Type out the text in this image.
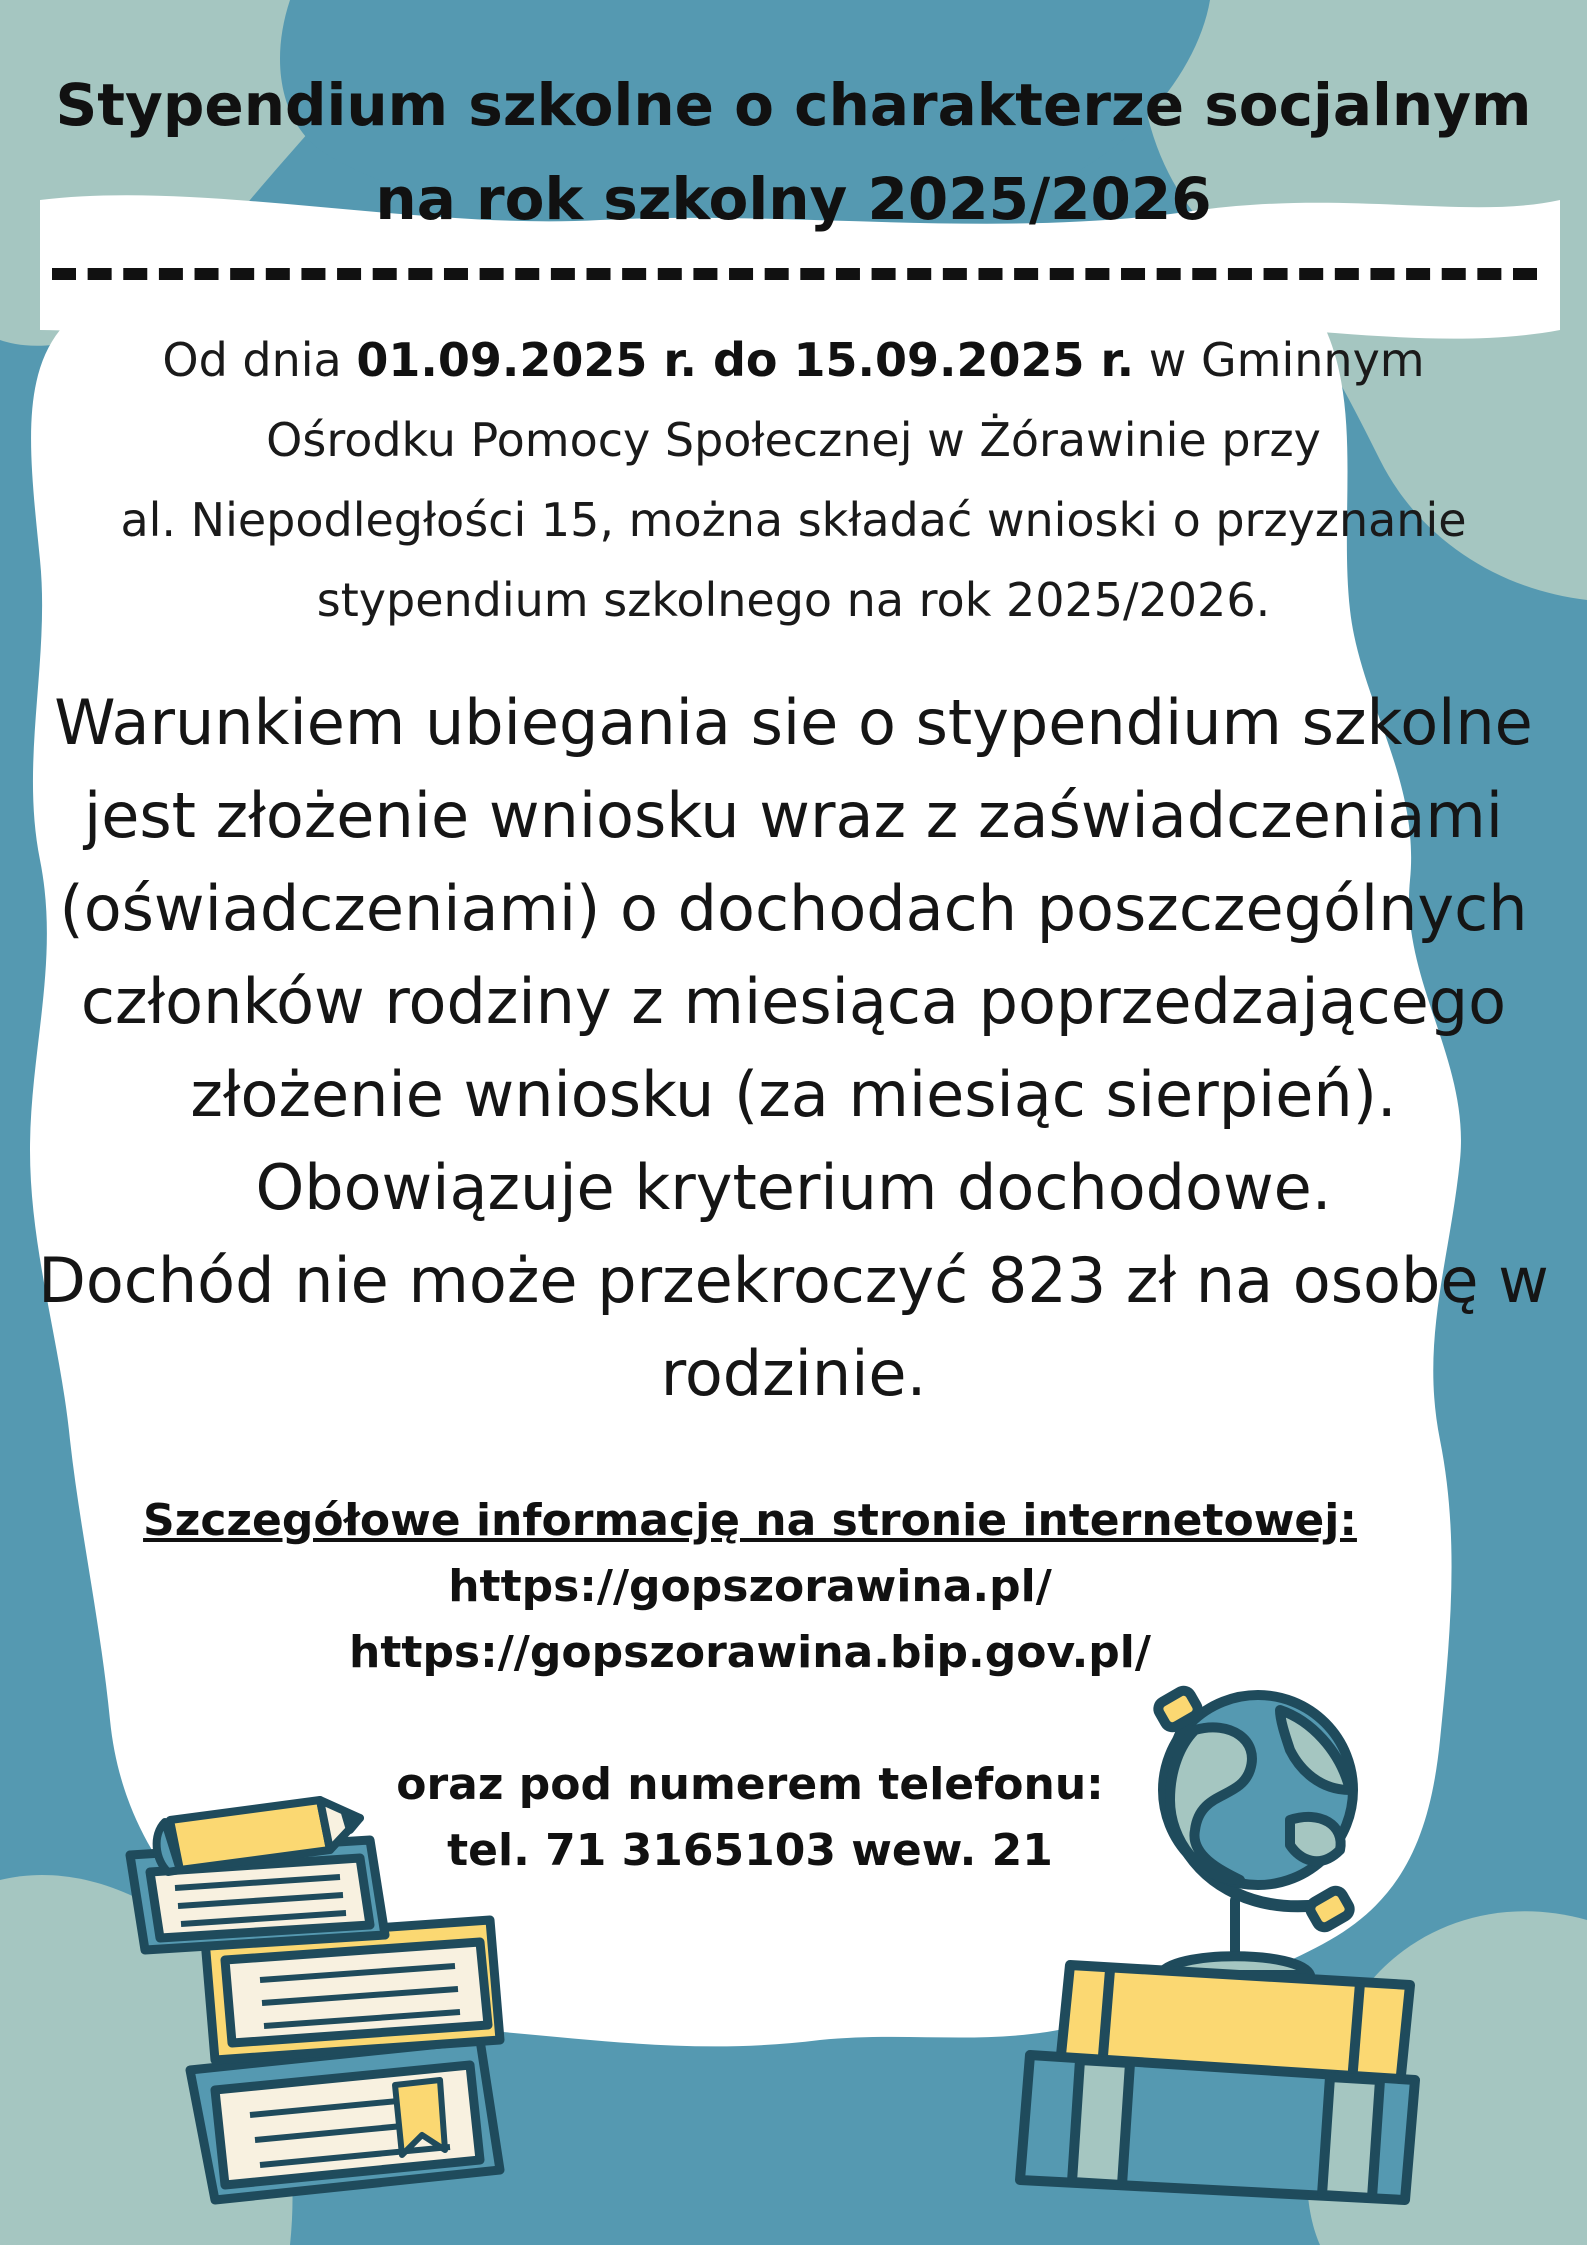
Stypendium szkolne o charakterze socjalnym
na rok szkolny 2025/2026
Od dnia 01.09.2025 r. do 15.09.2025 r. w Gminnym
Ośrodku Pomocy Społecznej w Żórawinie przy
al. Niepodległości 15, można składać wnioski o przyznanie
stypendium szkolnego na rok 2025/2026.
Warunkiem ubiegania sie o stypendium szkolne
jest złożenie wniosku wraz z zaświadczeniami
(oświadczeniami) o dochodach poszczególnych
członków rodziny z miesiąca poprzedzającego
złożenie wniosku (za miesiąc sierpień).
Obowiązuje kryterium dochodowe.
Dochód nie może przekroczyć 823 zł na osobę w
rodzinie.
Szczegółowe informację na stronie internetowej:
https://gopszorawina.pl/
https://gopszorawina.bip.gov.pl/
oraz pod numerem telefonu:
tel. 71 3165103 wew. 21
